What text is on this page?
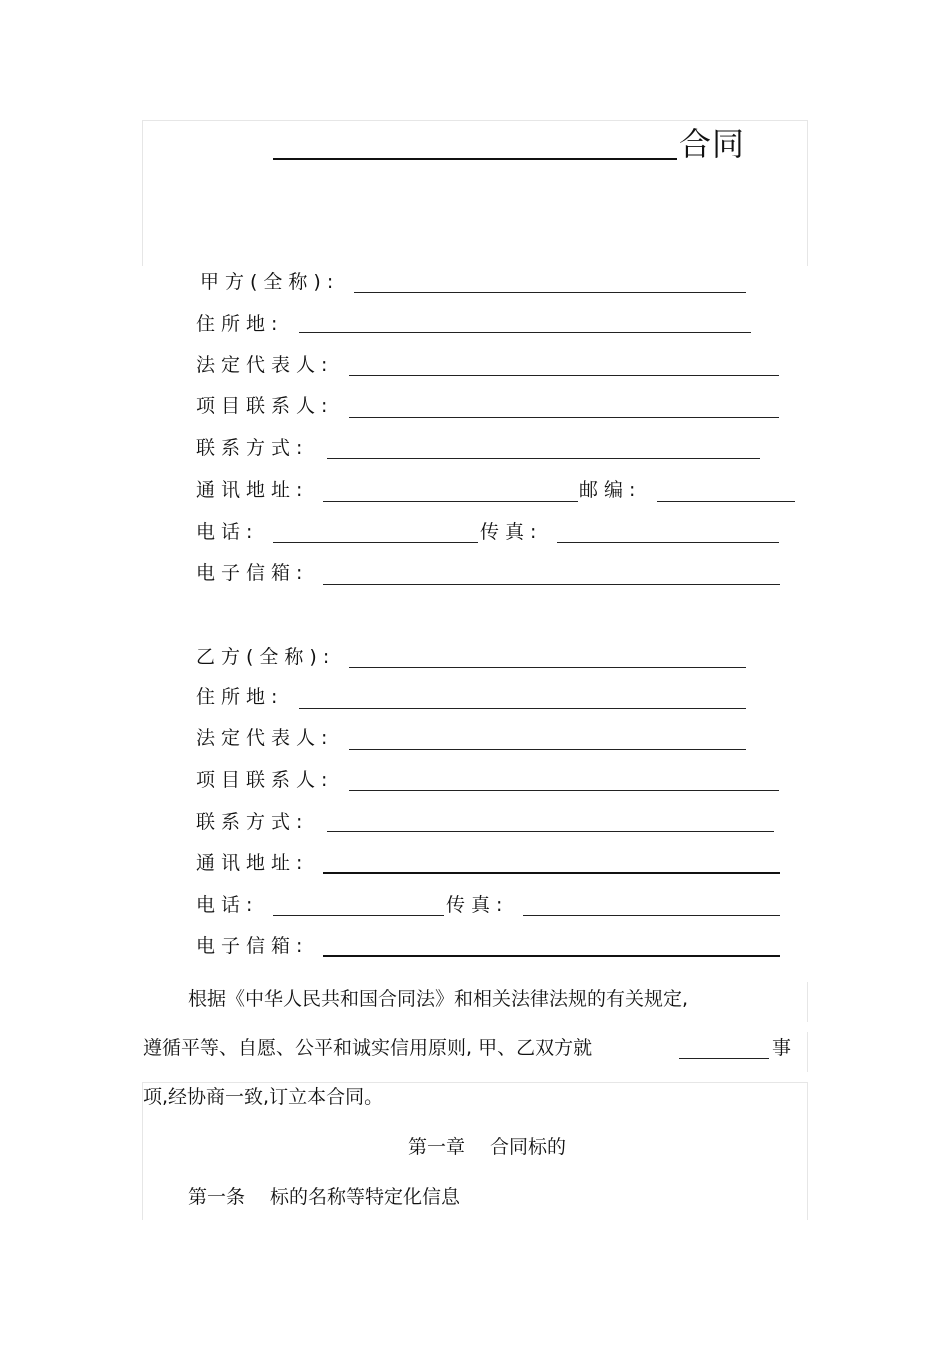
合同
甲方(全称):
住所地:
法定代表人:
项目联系人:
联系方式:
通讯地址:	邮编:
电话:	传真:
电子信箱:
乙方(全称):
住所地:
法定代表人:
项目联系人:
联系方式:
通讯地址:
电话:	传真:
电子信箱:
根据《中华人民共和国合同法》和相关法律法规的有关规定,
遵循平等、自愿、公平和诚实信用原则, 甲、乙双方就	事
项,经协商一致,订立本合同。
第一章　 合同标的
第一条　 标的名称等特定化信息
